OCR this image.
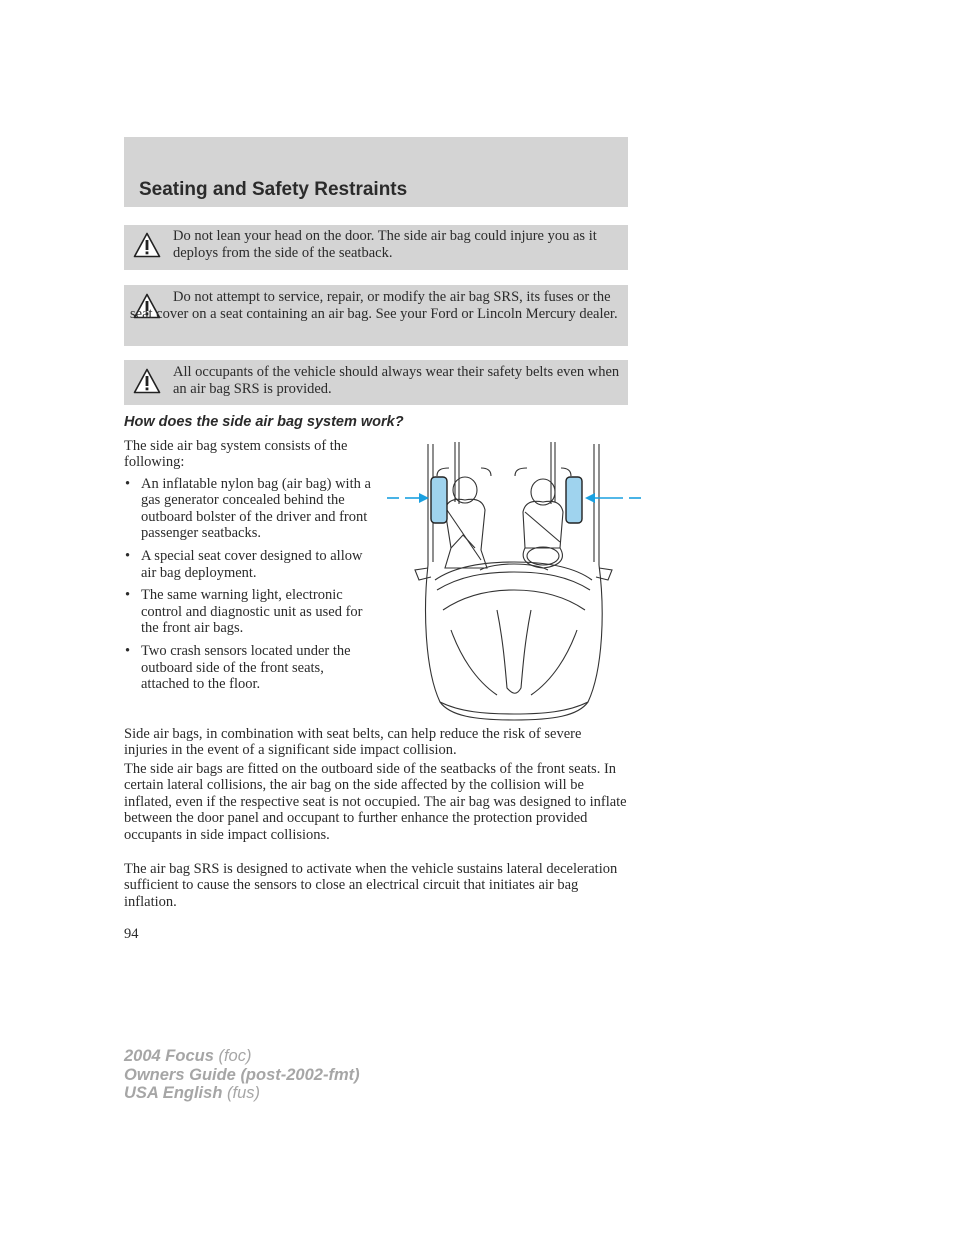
Seating and Safety Restraints

Do not lean your head on the door. The side air bag could injure you as it deploys from the side of the seatback.

Do not attempt to service, repair, or modify the air bag SRS, its fuses or the seat cover on a seat containing an air bag. See your Ford or Lincoln Mercury dealer.

All occupants of the vehicle should always wear their safety belts even when an air bag SRS is provided.

How does the side air bag system work?

The side air bag system consists of the following:

• An inflatable nylon bag (air bag) with a gas generator concealed behind the outboard bolster of the driver and front passenger seatbacks.
• A special seat cover designed to allow air bag deployment.
• The same warning light, electronic control and diagnostic unit as used for the front air bags.
• Two crash sensors located under the outboard side of the front seats, attached to the floor.

Side air bags, in combination with seat belts, can help reduce the risk of severe injuries in the event of a significant side impact collision.

The side air bags are fitted on the outboard side of the seatbacks of the front seats. In certain lateral collisions, the air bag on the side affected by the collision will be inflated, even if the respective seat is not occupied. The air bag was designed to inflate between the door panel and occupant to further enhance the protection provided occupants in side impact collisions.

The air bag SRS is designed to activate when the vehicle sustains lateral deceleration sufficient to cause the sensors to close an electrical circuit that initiates air bag inflation.

94

2004 Focus (foc)
Owners Guide (post-2002-fmt)
USA English (fus)
